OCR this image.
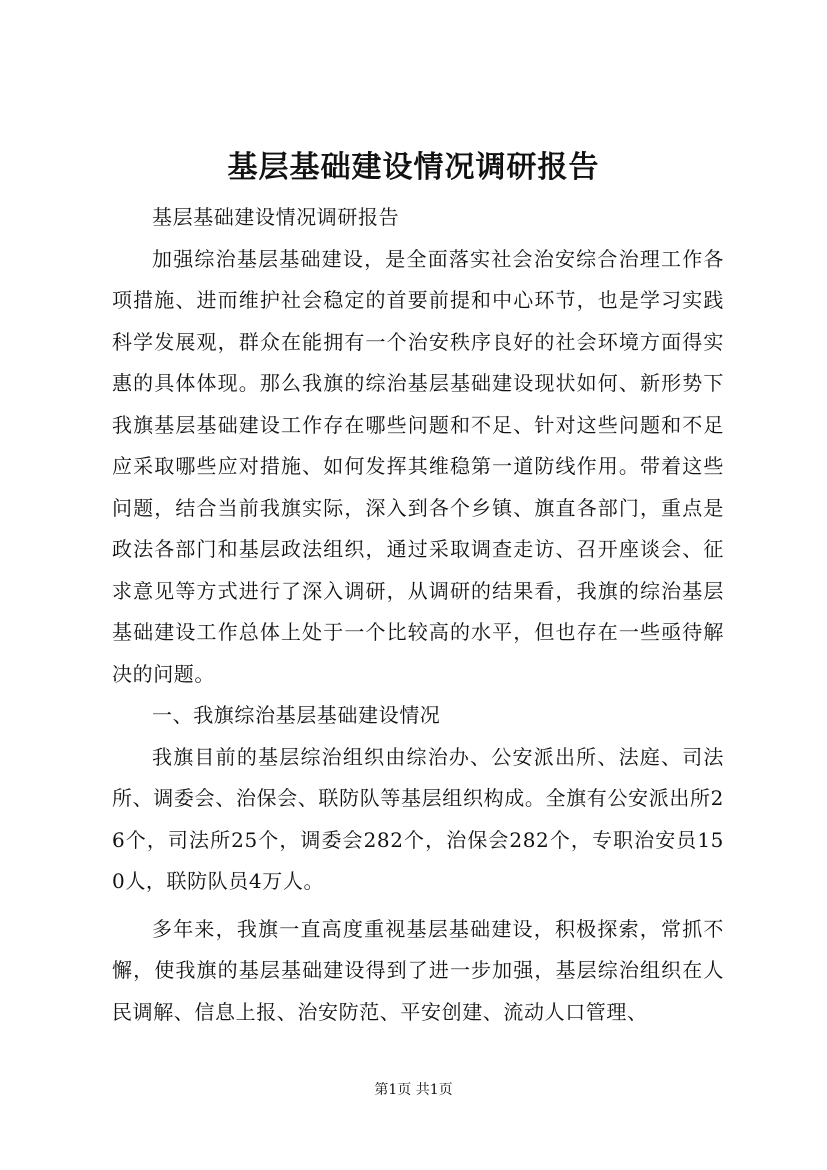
基层基础建设情况调研报告

基层基础建设情况调研报告

加强综治基层基础建设，是全面落实社会治安综合治理工作各项措施、进而维护社会稳定的首要前提和中心环节，也是学习实践科学发展观，群众在能拥有一个治安秩序良好的社会环境方面得实惠的具体体现。那么我旗的综治基层基础建设现状如何、新形势下我旗基层基础建设工作存在哪些问题和不足、针对这些问题和不足应采取哪些应对措施、如何发挥其维稳第一道防线作用。带着这些问题，结合当前我旗实际，深入到各个乡镇、旗直各部门，重点是政法各部门和基层政法组织，通过采取调查走访、召开座谈会、征求意见等方式进行了深入调研，从调研的结果看，我旗的综治基层基础建设工作总体上处于一个比较高的水平，但也存在一些亟待解决的问题。

一、我旗综治基层基础建设情况

我旗目前的基层综治组织由综治办、公安派出所、法庭、司法所、调委会、治保会、联防队等基层组织构成。全旗有公安派出所26个，司法所25个，调委会282个，治保会282个，专职治安员150人，联防队员4万人。

多年来，我旗一直高度重视基层基础建设，积极探索，常抓不懈，使我旗的基层基础建设得到了进一步加强，基层综治组织在人民调解、信息上报、治安防范、平安创建、流动人口管理、

第1页 共1页
